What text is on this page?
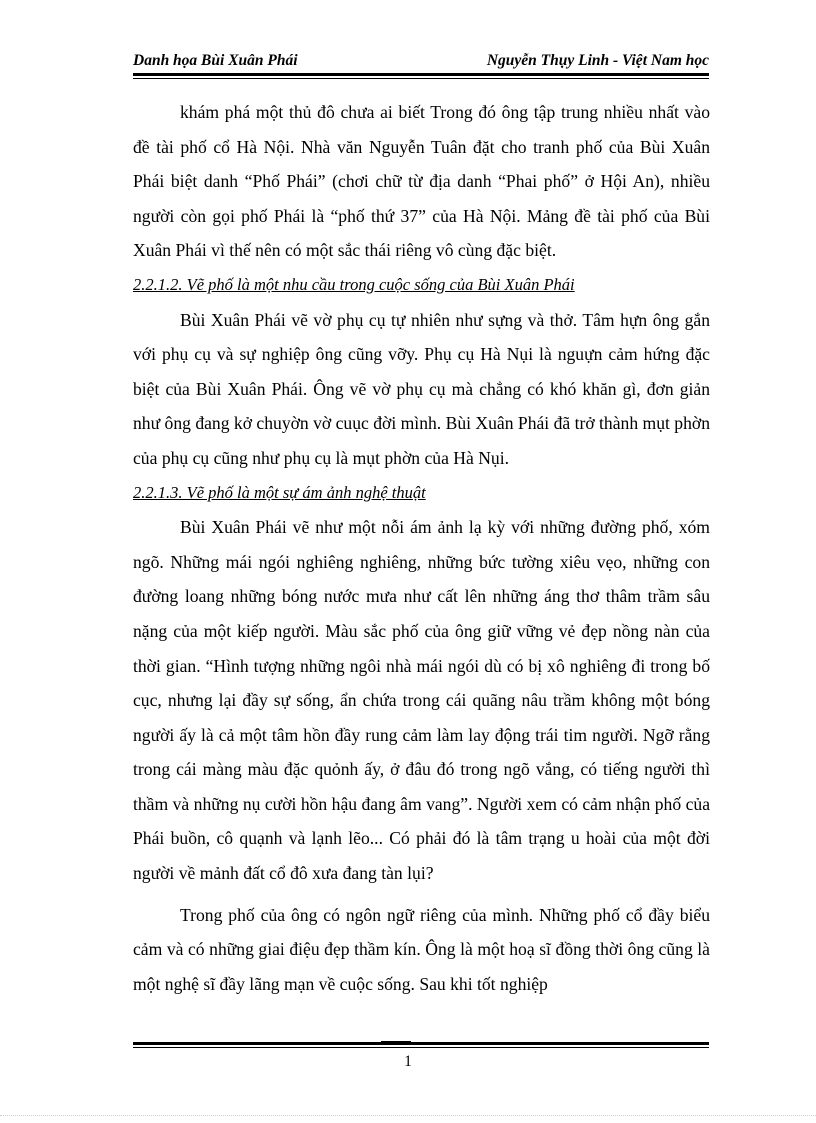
Danh họa Bùi Xuân Phái	Nguyễn Thụy Linh - Việt Nam học

khám phá một thủ đô chưa ai biết Trong đó ông tập trung nhiều nhất vào đề tài phố cổ Hà Nội. Nhà văn Nguyễn Tuân đặt cho tranh phố của Bùi Xuân Phái biệt danh “Phố Phái” (chơi chữ từ địa danh “Phai phố” ở Hội An), nhiều người còn gọi phố Phái là “phố thứ 37” của Hà Nội. Mảng đề tài phố của Bùi Xuân Phái vì thế nên có một sắc thái riêng vô cùng đặc biệt.

2.2.1.2. Vẽ phố là một nhu cầu trong cuộc sống của Bùi Xuân Phái

Bùi Xuân Phái vẽ vờ phụ cụ tự nhiên như sựng và thở. Tâm hựn ông gắn với phụ cụ và sự nghiệp ông cũng vỡy. Phụ cụ Hà Nụi là nguựn cảm hứng đặc biệt của Bùi Xuân Phái. Ông vẽ vờ phụ cụ mà chẳng có khó khăn gì, đơn giản như ông đang kở chuyờn vờ cuục đời mình. Bùi Xuân Phái đã trở thành mụt phờn của phụ cụ cũng như phụ cụ là mụt phờn của Hà Nụi.

2.2.1.3. Vẽ phố là một sự ám ảnh nghệ thuật

Bùi Xuân Phái vẽ như một nỗi ám ảnh lạ kỳ với những đường phố, xóm ngõ. Những mái ngói nghiêng nghiêng, những bức tường xiêu vẹo, những con đường loang những bóng nước mưa như cất lên những áng thơ thâm trầm sâu nặng của một kiếp người. Màu sắc phố của ông giữ vững vẻ đẹp nồng nàn của thời gian. “Hình tượng những ngôi nhà mái ngói dù có bị xô nghiêng đi trong bố cục, nhưng lại đầy sự sống, ẩn chứa trong cái quãng nâu trầm không một bóng người ấy là cả một tâm hồn đầy rung cảm làm lay động trái tim người. Ngỡ rằng trong cái màng màu đặc quỏnh ấy, ở đâu đó trong ngõ vắng, có tiếng người thì thầm và những nụ cười hồn hậu đang âm vang”. Người xem có cảm nhận phố của Phái buồn, cô quạnh và lạnh lẽo... Có phải đó là tâm trạng u hoài của một đời người về mảnh đất cổ đô xưa đang tàn lụi?

Trong phố của ông có ngôn ngữ riêng của mình. Những phố cổ đầy biểu cảm và có những giai điệu đẹp thầm kín. Ông là một hoạ sĩ đồng thời ông cũng là một nghệ sĩ đầy lãng mạn về cuộc sống. Sau khi tốt nghiệp

1
